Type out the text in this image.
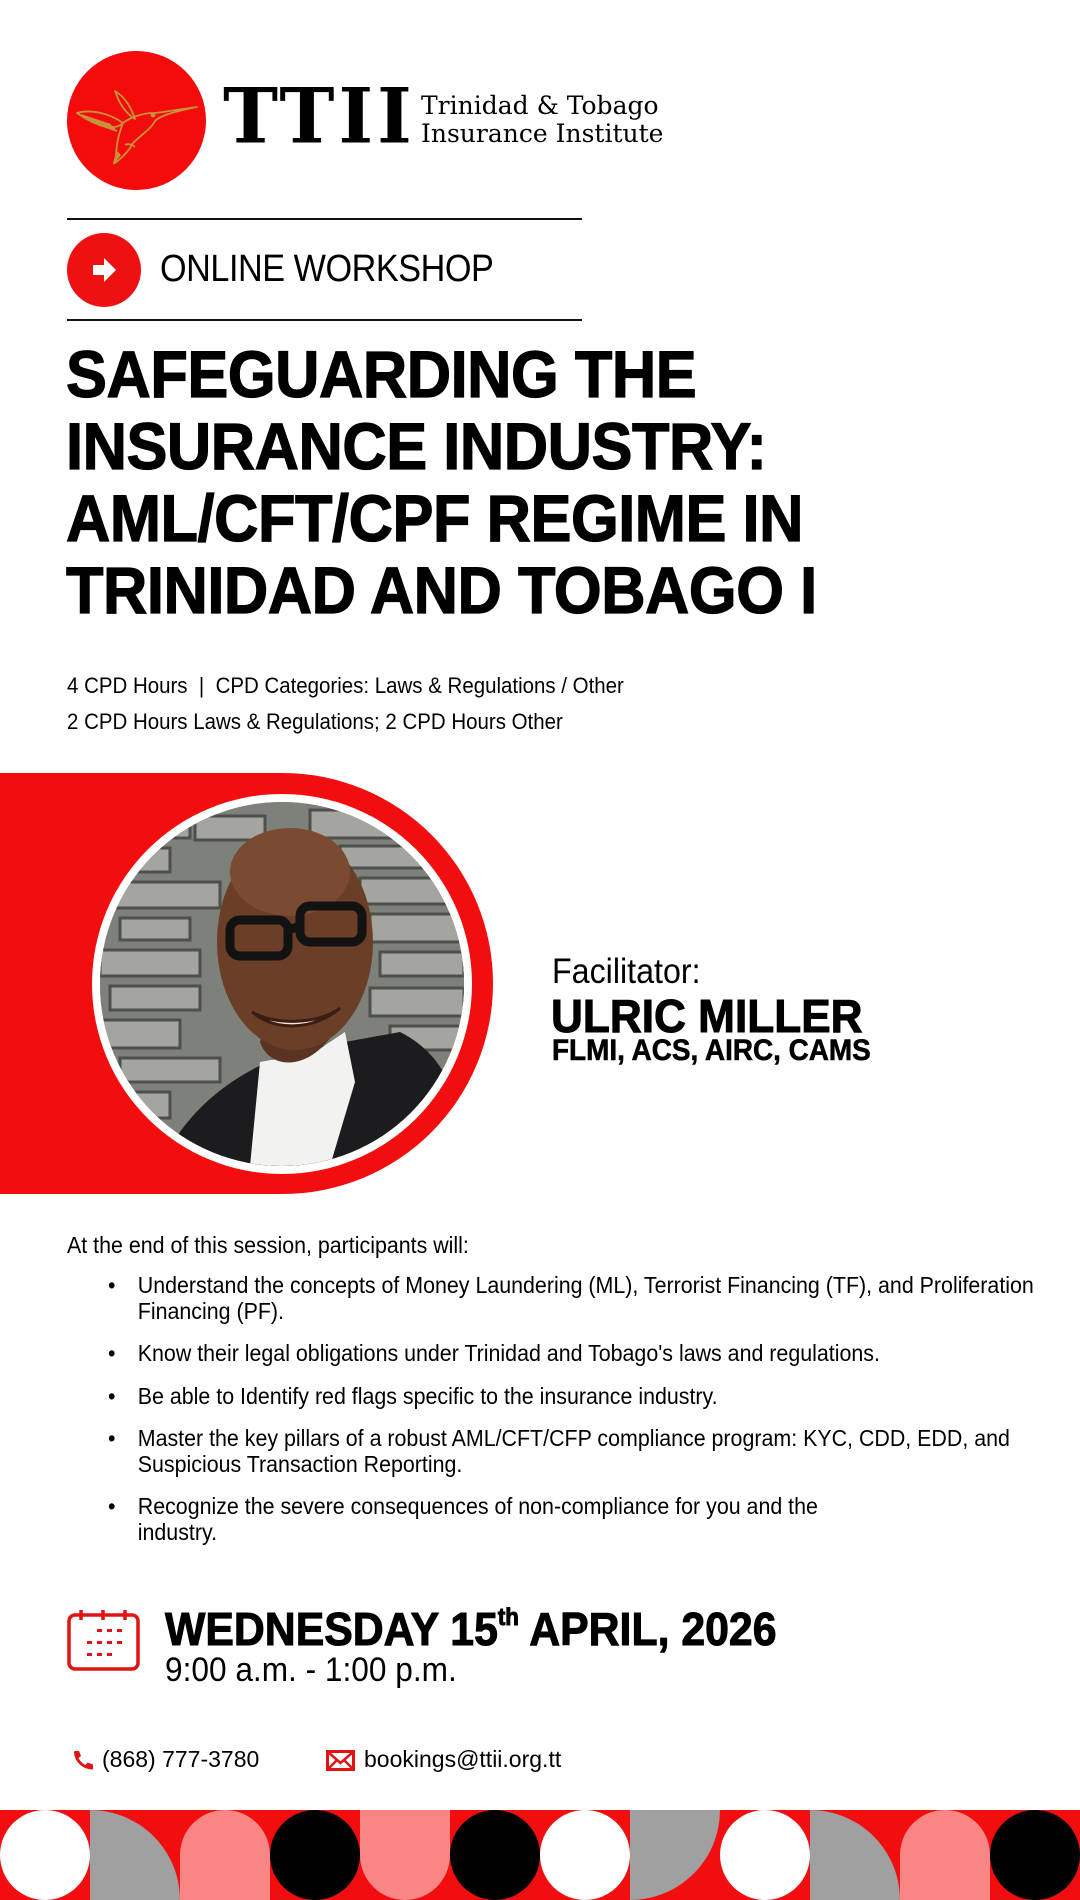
TTII Trinidad & Tobago
Insurance Institute
ONLINE WORKSHOP
SAFEGUARDING THE
INSURANCE INDUSTRY:
AML/CFT/CPF REGIME IN
TRINIDAD AND TOBAGO I
4 CPD Hours  |  CPD Categories: Laws & Regulations / Other
2 CPD Hours Laws & Regulations; 2 CPD Hours Other
Facilitator:
ULRIC MILLER
FLMI, ACS, AIRC, CAMS
At the end of this session, participants will:
• Understand the concepts of Money Laundering (ML), Terrorist Financing (TF), and Proliferation Financing (PF).
• Know their legal obligations under Trinidad and Tobago's laws and regulations.
• Be able to Identify red flags specific to the insurance industry.
• Master the key pillars of a robust AML/CFT/CFP compliance program: KYC, CDD, EDD, and Suspicious Transaction Reporting.
• Recognize the severe consequences of non-compliance for you and the industry.
WEDNESDAY 15th APRIL, 2026
9:00 a.m. - 1:00 p.m.
(868) 777-3780	bookings@ttii.org.tt
